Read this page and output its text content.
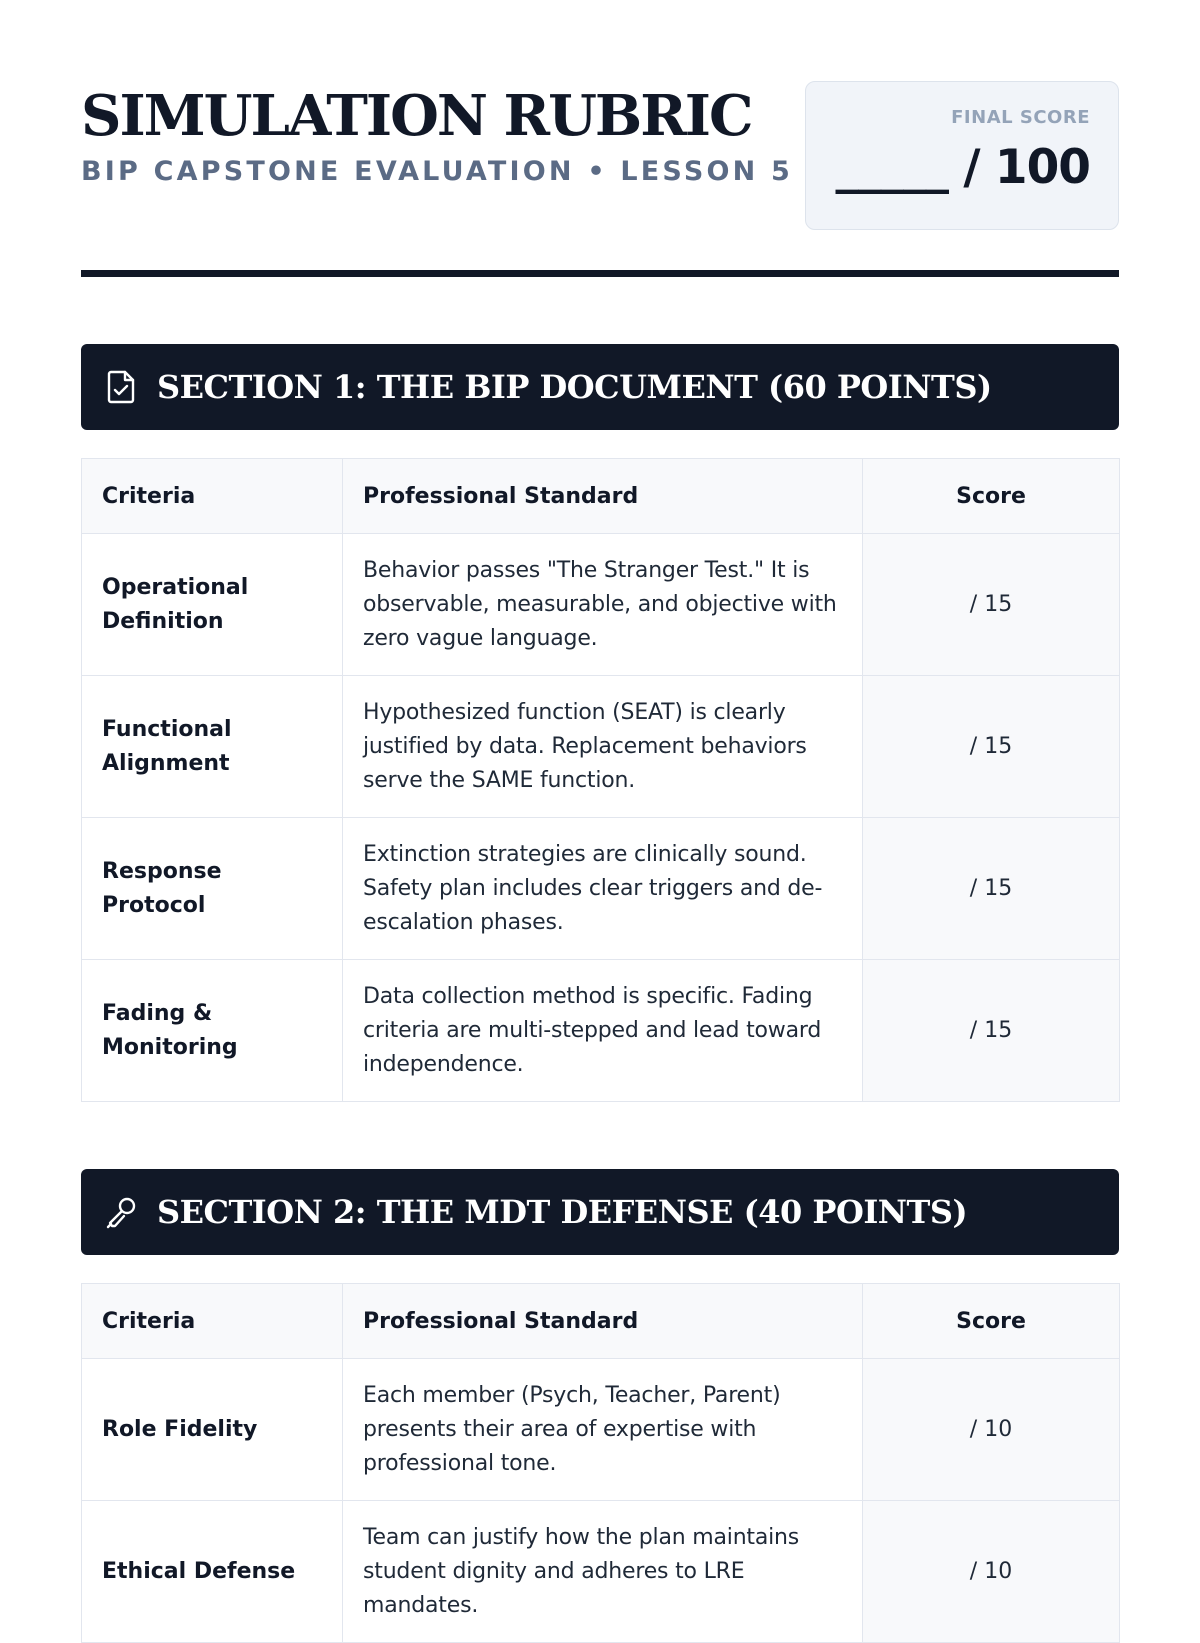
SIMULATION RUBRIC
BIP CAPSTONE EVALUATION • LESSON 5
FINAL SCORE
_____ / 100
SECTION 1: THE BIP DOCUMENT (60 POINTS)
Criteria	Professional Standard	Score
Operational Definition	Behavior passes "The Stranger Test." It is observable, measurable, and objective with zero vague language.	/ 15
Functional Alignment	Hypothesized function (SEAT) is clearly justified by data. Replacement behaviors serve the SAME function.	/ 15
Response Protocol	Extinction strategies are clinically sound. Safety plan includes clear triggers and de-escalation phases.	/ 15
Fading & Monitoring	Data collection method is specific. Fading criteria are multi-stepped and lead toward independence.	/ 15
SECTION 2: THE MDT DEFENSE (40 POINTS)
Criteria	Professional Standard	Score
Role Fidelity	Each member (Psych, Teacher, Parent) presents their area of expertise with professional tone.	/ 10
Ethical Defense	Team can justify how the plan maintains student dignity and adheres to LRE mandates.	/ 10
